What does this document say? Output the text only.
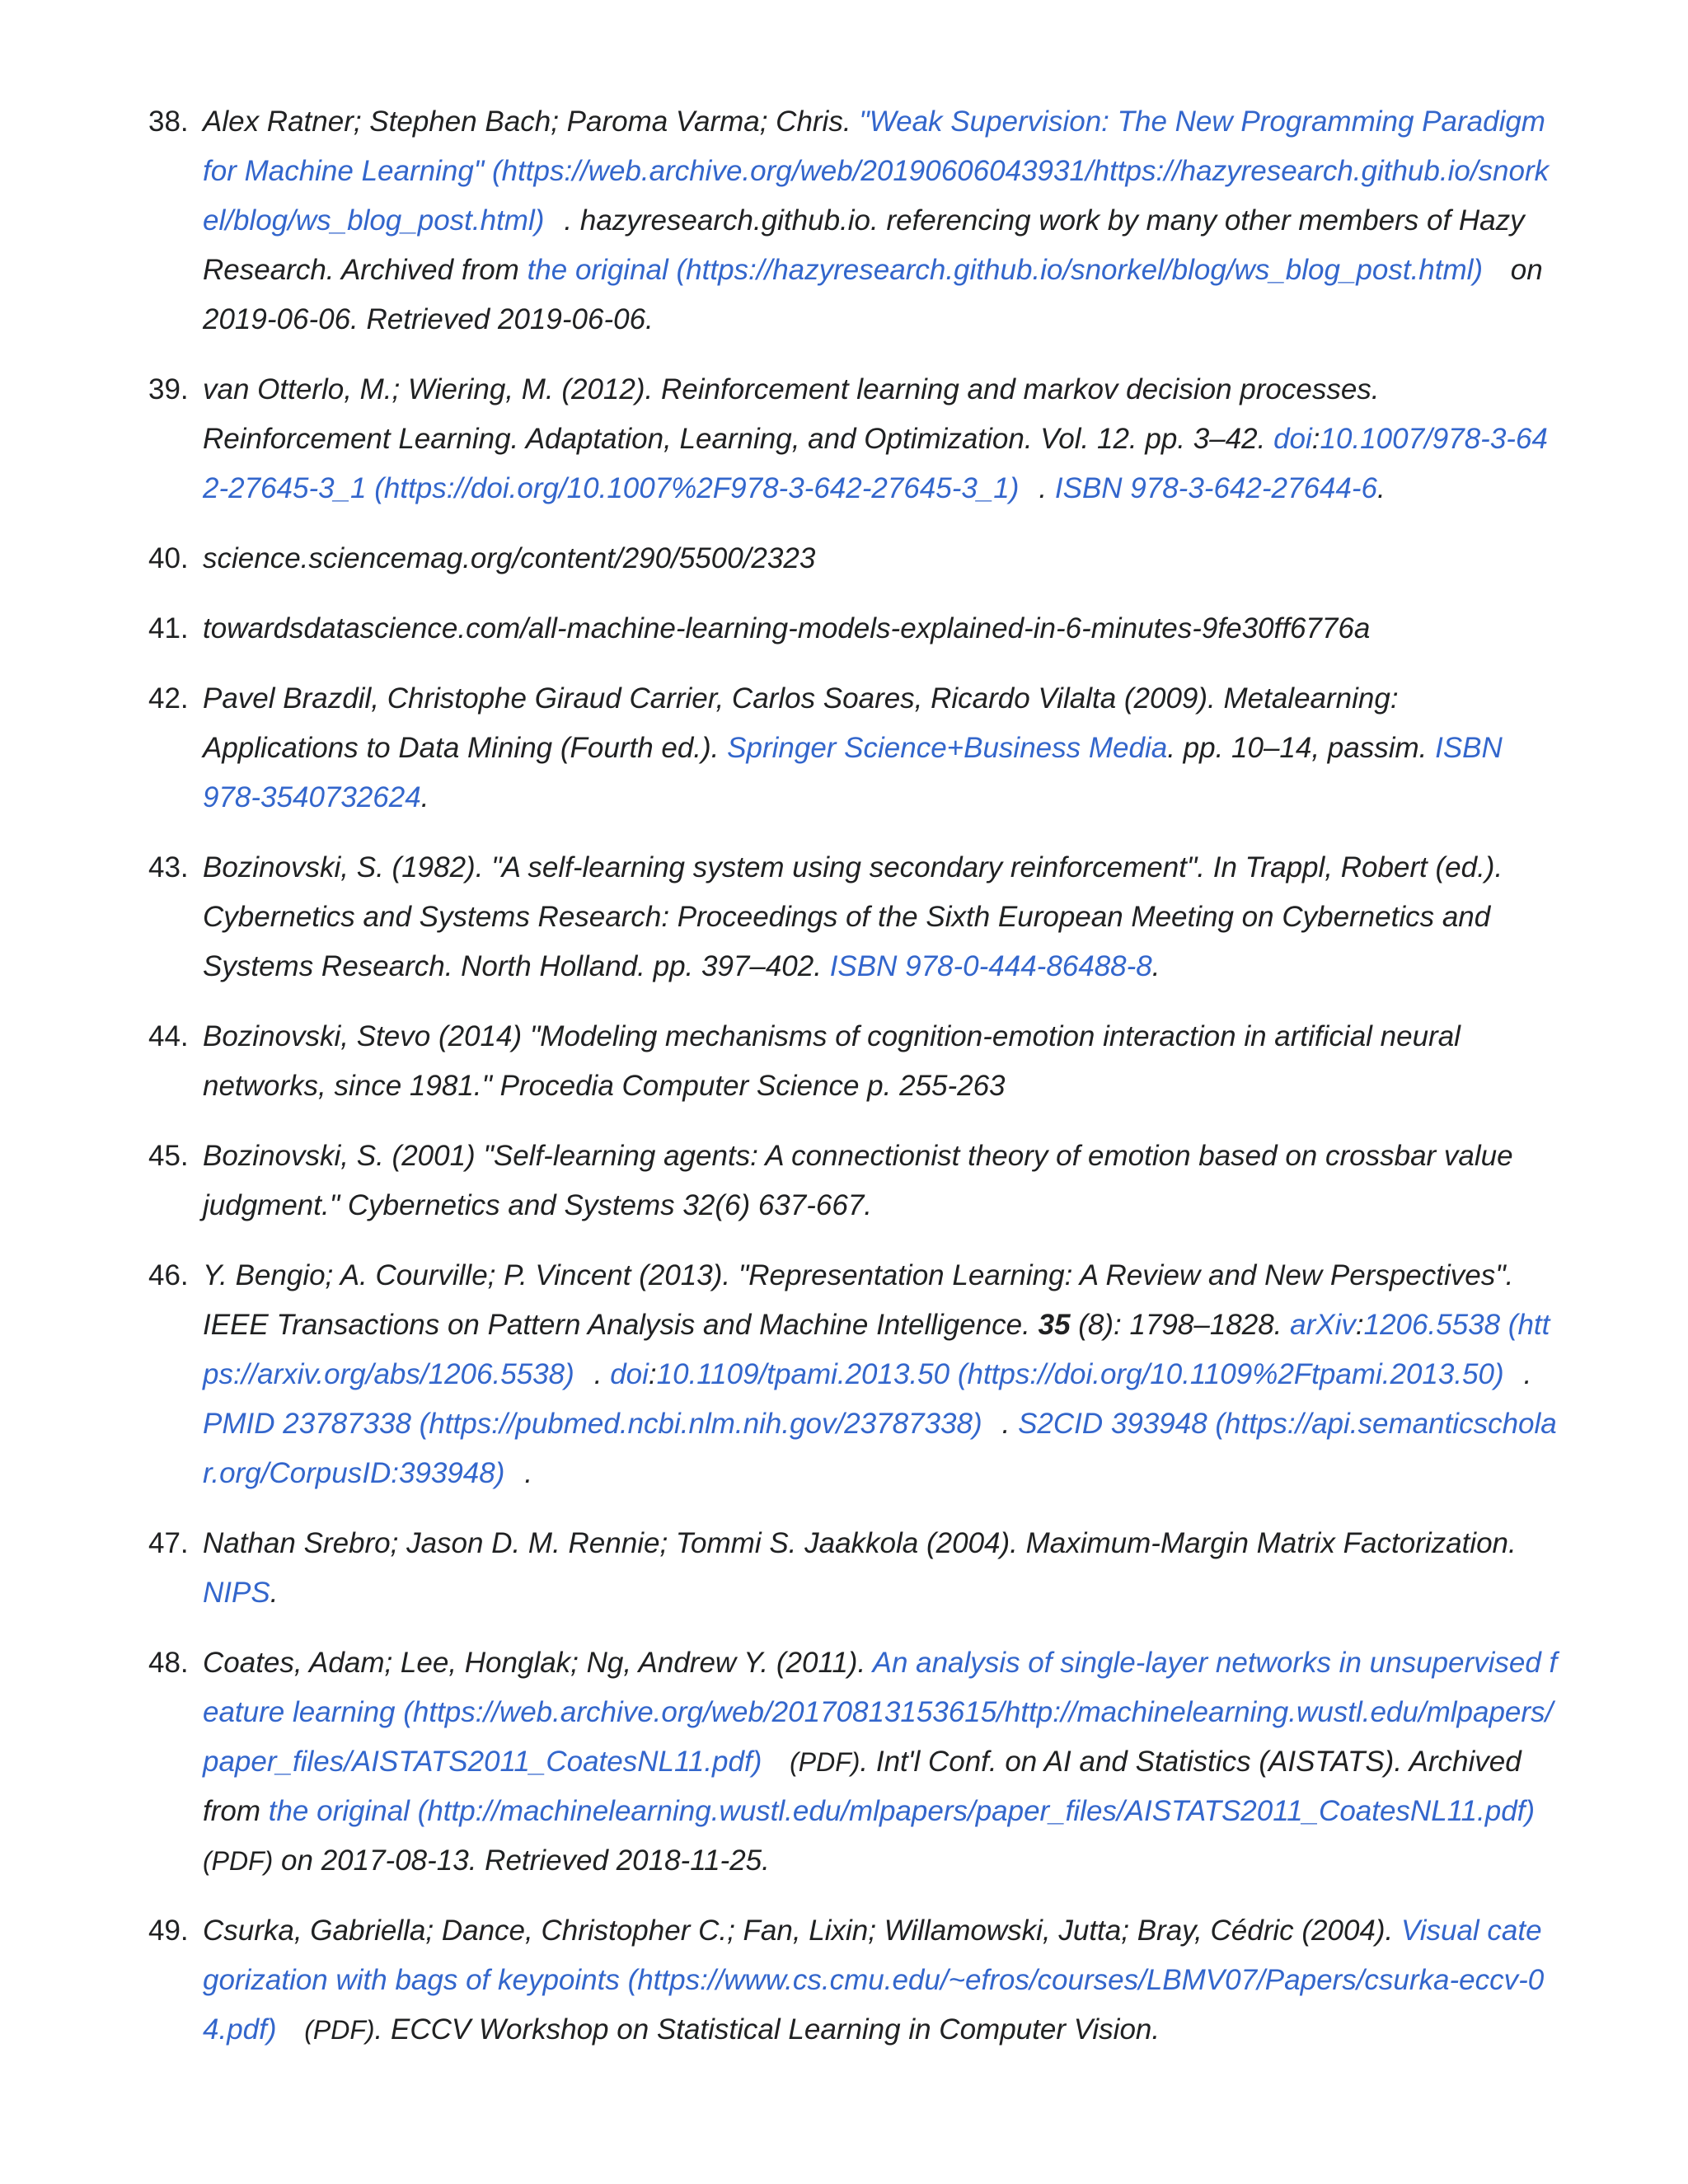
38. Alex Ratner; Stephen Bach; Paroma Varma; Chris. "Weak Supervision: The New Programming Paradigm for Machine Learning" (https://web.archive.org/web/20190606043931/https://hazyresearch.github.io/snorkel/blog/ws_blog_post.html) . hazyresearch.github.io. referencing work by many other members of Hazy Research. Archived from the original (https://hazyresearch.github.io/snorkel/blog/ws_blog_post.html) on 2019-06-06. Retrieved 2019-06-06.
39. van Otterlo, M.; Wiering, M. (2012). Reinforcement learning and markov decision processes. Reinforcement Learning. Adaptation, Learning, and Optimization. Vol. 12. pp. 3–42. doi:10.1007/978-3-642-27645-3_1 (https://doi.org/10.1007%2F978-3-642-27645-3_1) . ISBN 978-3-642-27644-6.
40. science.sciencemag.org/content/290/5500/2323
41. towardsdatascience.com/all-machine-learning-models-explained-in-6-minutes-9fe30ff6776a
42. Pavel Brazdil, Christophe Giraud Carrier, Carlos Soares, Ricardo Vilalta (2009). Metalearning: Applications to Data Mining (Fourth ed.). Springer Science+Business Media. pp. 10–14, passim. ISBN 978-3540732624.
43. Bozinovski, S. (1982). "A self-learning system using secondary reinforcement". In Trappl, Robert (ed.). Cybernetics and Systems Research: Proceedings of the Sixth European Meeting on Cybernetics and Systems Research. North Holland. pp. 397–402. ISBN 978-0-444-86488-8.
44. Bozinovski, Stevo (2014) "Modeling mechanisms of cognition-emotion interaction in artificial neural networks, since 1981." Procedia Computer Science p. 255-263
45. Bozinovski, S. (2001) "Self-learning agents: A connectionist theory of emotion based on crossbar value judgment." Cybernetics and Systems 32(6) 637-667.
46. Y. Bengio; A. Courville; P. Vincent (2013). "Representation Learning: A Review and New Perspectives". IEEE Transactions on Pattern Analysis and Machine Intelligence. 35 (8): 1798–1828. arXiv:1206.5538 (https://arxiv.org/abs/1206.5538) . doi:10.1109/tpami.2013.50 (https://doi.org/10.1109%2Ftpami.2013.50) . PMID 23787338 (https://pubmed.ncbi.nlm.nih.gov/23787338) . S2CID 393948 (https://api.semanticscholar.org/CorpusID:393948) .
47. Nathan Srebro; Jason D. M. Rennie; Tommi S. Jaakkola (2004). Maximum-Margin Matrix Factorization. NIPS.
48. Coates, Adam; Lee, Honglak; Ng, Andrew Y. (2011). An analysis of single-layer networks in unsupervised feature learning (https://web.archive.org/web/20170813153615/http://machinelearning.wustl.edu/mlpapers/paper_files/AISTATS2011_CoatesNL11.pdf) (PDF). Int'l Conf. on AI and Statistics (AISTATS). Archived from the original (http://machinelearning.wustl.edu/mlpapers/paper_files/AISTATS2011_CoatesNL11.pdf) (PDF) on 2017-08-13. Retrieved 2018-11-25.
49. Csurka, Gabriella; Dance, Christopher C.; Fan, Lixin; Willamowski, Jutta; Bray, Cédric (2004). Visual categorization with bags of keypoints (https://www.cs.cmu.edu/~efros/courses/LBMV07/Papers/csurka-eccv-04.pdf) (PDF). ECCV Workshop on Statistical Learning in Computer Vision.
